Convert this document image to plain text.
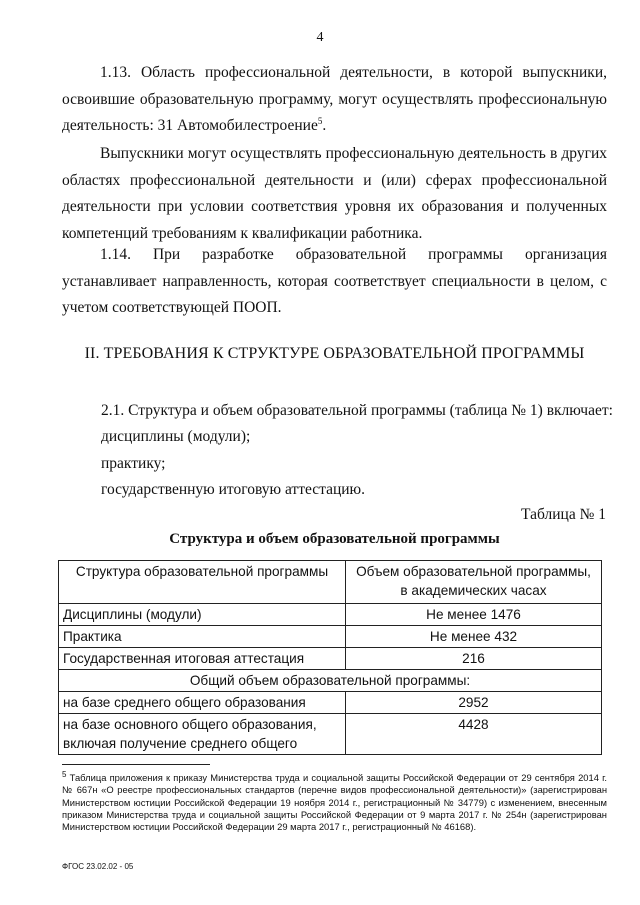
4

1.13. Область профессиональной деятельности, в которой выпускники, освоившие образовательную программу, могут осуществлять профессиональную деятельность: 31 Автомобилестроение$^5$.

Выпускники могут осуществлять профессиональную деятельность в других областях профессиональной деятельности и (или) сферах профессиональной деятельности при условии соответствия уровня их образования и полученных компетенций требованиям к квалификации работника.

1.14. При разработке образовательной программы организация устанавливает направленность, которая соответствует специальности в целом, с учетом соответствующей ПООП.

II. ТРЕБОВАНИЯ К СТРУКТУРЕ ОБРАЗОВАТЕЛЬНОЙ ПРОГРАММЫ
2.1. Структура и объем образовательной программы (таблица № 1) включает:
дисциплины (модули);
практику;
государственную итоговую аттестацию.
Таблица № 1
Структура и объем образовательной программы
Структура образовательной программы	Объем образовательной программы,
в академических часах

Дисциплины (модули)	Не менее 1476
Практика	Не менее 432
Государственная итоговая аттестация	216
Общий объем образовательной программы:	
на базе среднего общего образования	2952

на базе основного общего образования,
включая получение среднего общего	4428

$^5$ Таблица приложения к приказу Министерства труда и социальной защиты Российской Федерации от 29 сентября 2014 г. № 667н «О реестре профессиональных стандартов (перечне видов профессиональной деятельности)» (зарегистрирован Министерством юстиции Российской Федерации 19 ноября 2014 г., регистрационный № 34779) с изменением, внесенным приказом Министерства труда и социальной защиты Российской Федерации от 9 марта 2017 г. № 254н (зарегистрирован Министерством юстиции Российской Федерации 29 марта 2017 г., регистрационный № 46168).

ФГОС 23.02.02 - 05
